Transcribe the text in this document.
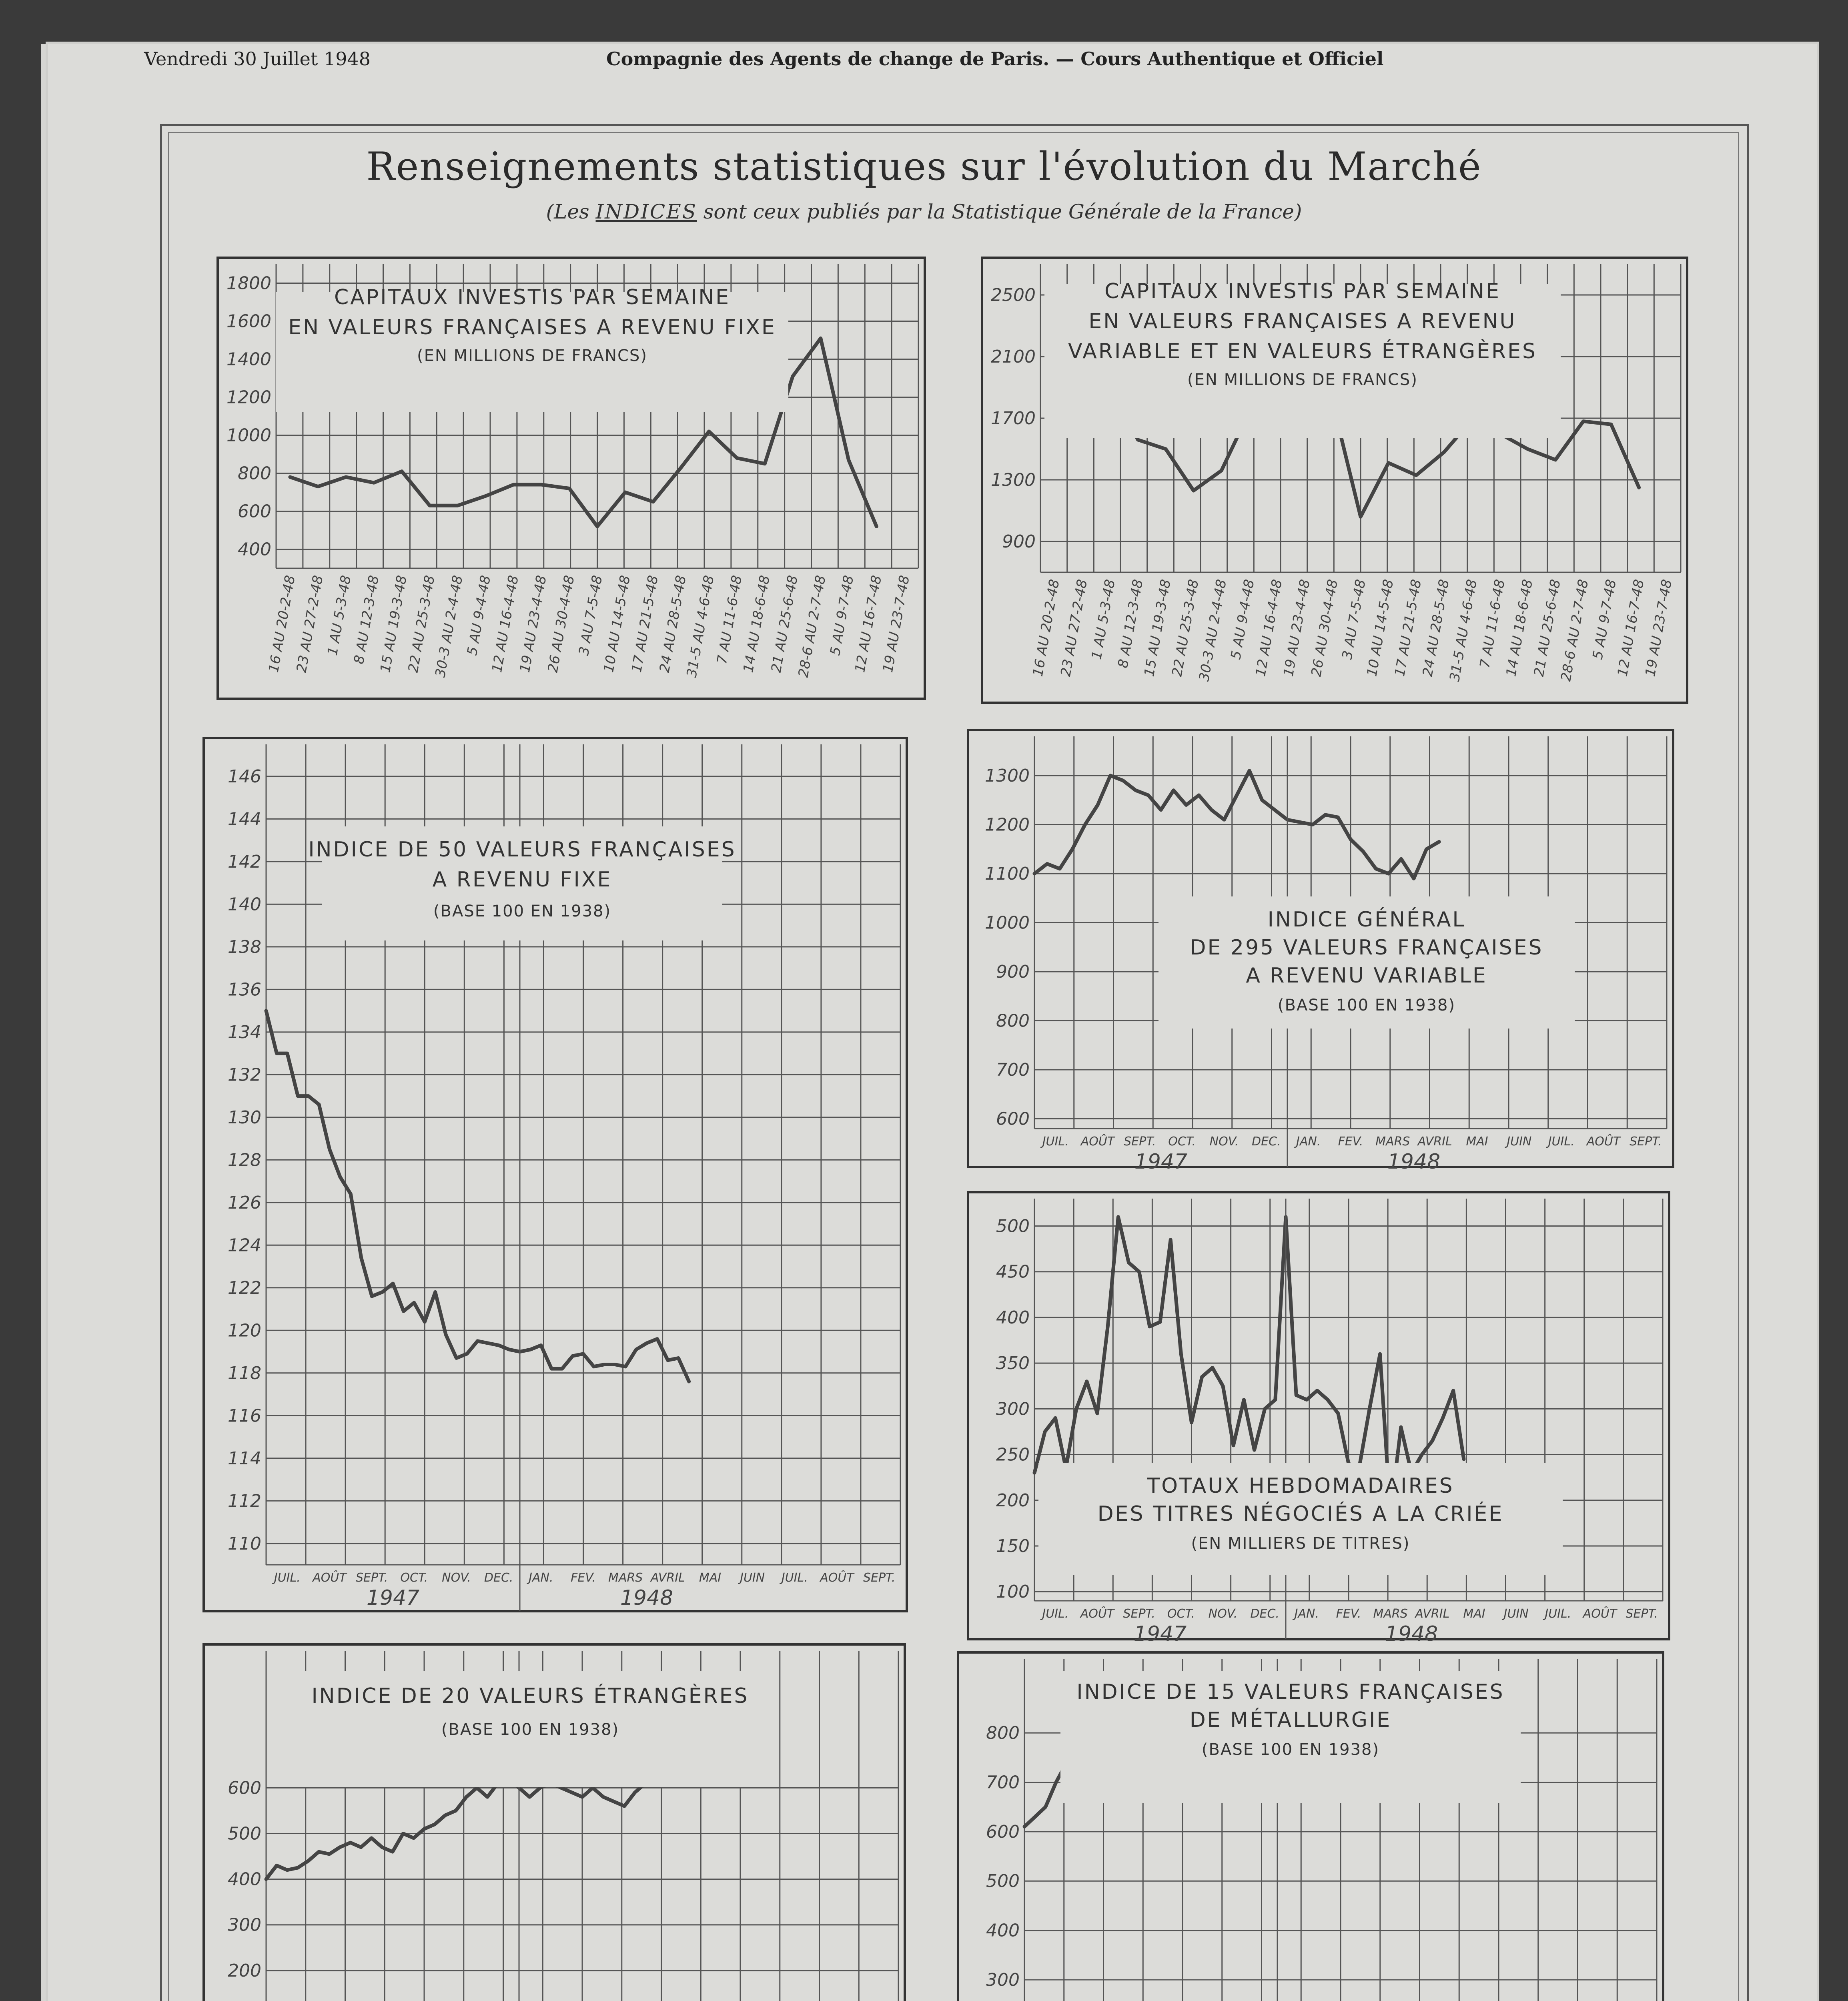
Vendredi 30 Juillet 1948	Compagnie des Agents de change de Paris. — Cours Authentique et Officiel
Renseignements statistiques sur l'évolution du Marché
(Les INDICES sont ceux publiés par la Statistique Générale de la France)
400
600
800
1000
1200
1400
1600
1800
16 AU 20-2-48
23 AU 27-2-48
1 AU 5-3-48
8 AU 12-3-48
15 AU 19-3-48
22 AU 25-3-48
30-3 AU 2-4-48
5 AU 9-4-48
12 AU 16-4-48
19 AU 23-4-48
26 AU 30-4-48
3 AU 7-5-48
10 AU 14-5-48
17 AU 21-5-48
24 AU 28-5-48
31-5 AU 4-6-48
7 AU 11-6-48
14 AU 18-6-48
21 AU 25-6-48
28-6 AU 2-7-48
5 AU 9-7-48
12 AU 16-7-48
19 AU 23-7-48
CAPITAUX INVESTIS PAR SEMAINE
EN VALEURS FRANÇAISES A REVENU FIXE
(EN MILLIONS DE FRANCS)
900
1300
1700
2100
2500
16 AU 20-2-48
23 AU 27-2-48
1 AU 5-3-48
8 AU 12-3-48
15 AU 19-3-48
22 AU 25-3-48
30-3 AU 2-4-48
5 AU 9-4-48
12 AU 16-4-48
19 AU 23-4-48
26 AU 30-4-48
3 AU 7-5-48
10 AU 14-5-48
17 AU 21-5-48
24 AU 28-5-48
31-5 AU 4-6-48
7 AU 11-6-48
14 AU 18-6-48
21 AU 25-6-48
28-6 AU 2-7-48
5 AU 9-7-48
12 AU 16-7-48
19 AU 23-7-48
CAPITAUX INVESTIS PAR SEMAINE
EN VALEURS FRANÇAISES A REVENU
VARIABLE ET EN VALEURS ÉTRANGÈRES
(EN MILLIONS DE FRANCS)
110
112
114
116
118
120
122
124
126
128
130
132
134
136
138
140
142
144
146
JUIL. AOÛT SEPT. OCT. NOV. DEC. JAN. FEV. MARS AVRIL MAI JUIN JUIL. AOÛT SEPT.
1947	1948
INDICE DE 50 VALEURS FRANÇAISES
A REVENU FIXE
(BASE 100 EN 1938)
600
700
800
900
1000
1100
1200
1300
JUIL. AOÛT SEPT. OCT. NOV. DEC. JAN. FEV. MARS AVRIL MAI JUIN JUIL. AOÛT SEPT.
1947	1948
INDICE GÉNÉRAL
DE 295 VALEURS FRANÇAISES
A REVENU VARIABLE
(BASE 100 EN 1938)
100
150
200
250
300
350
400
450
500
JUIL. AOÛT SEPT. OCT. NOV. DEC. JAN. FEV. MARS AVRIL MAI JUIN JUIL. AOÛT SEPT.
1947	1948
TOTAUX HEBDOMADAIRES
DES TITRES NÉGOCIÉS A LA CRIÉE
(EN MILLIERS DE TITRES)
200
300
400
500
600
INDICE DE 20 VALEURS ÉTRANGÈRES
(BASE 100 EN 1938)
300
400
500
600
700
800
INDICE DE 15 VALEURS FRANÇAISES
DE MÉTALLURGIE
(BASE 100 EN 1938)
